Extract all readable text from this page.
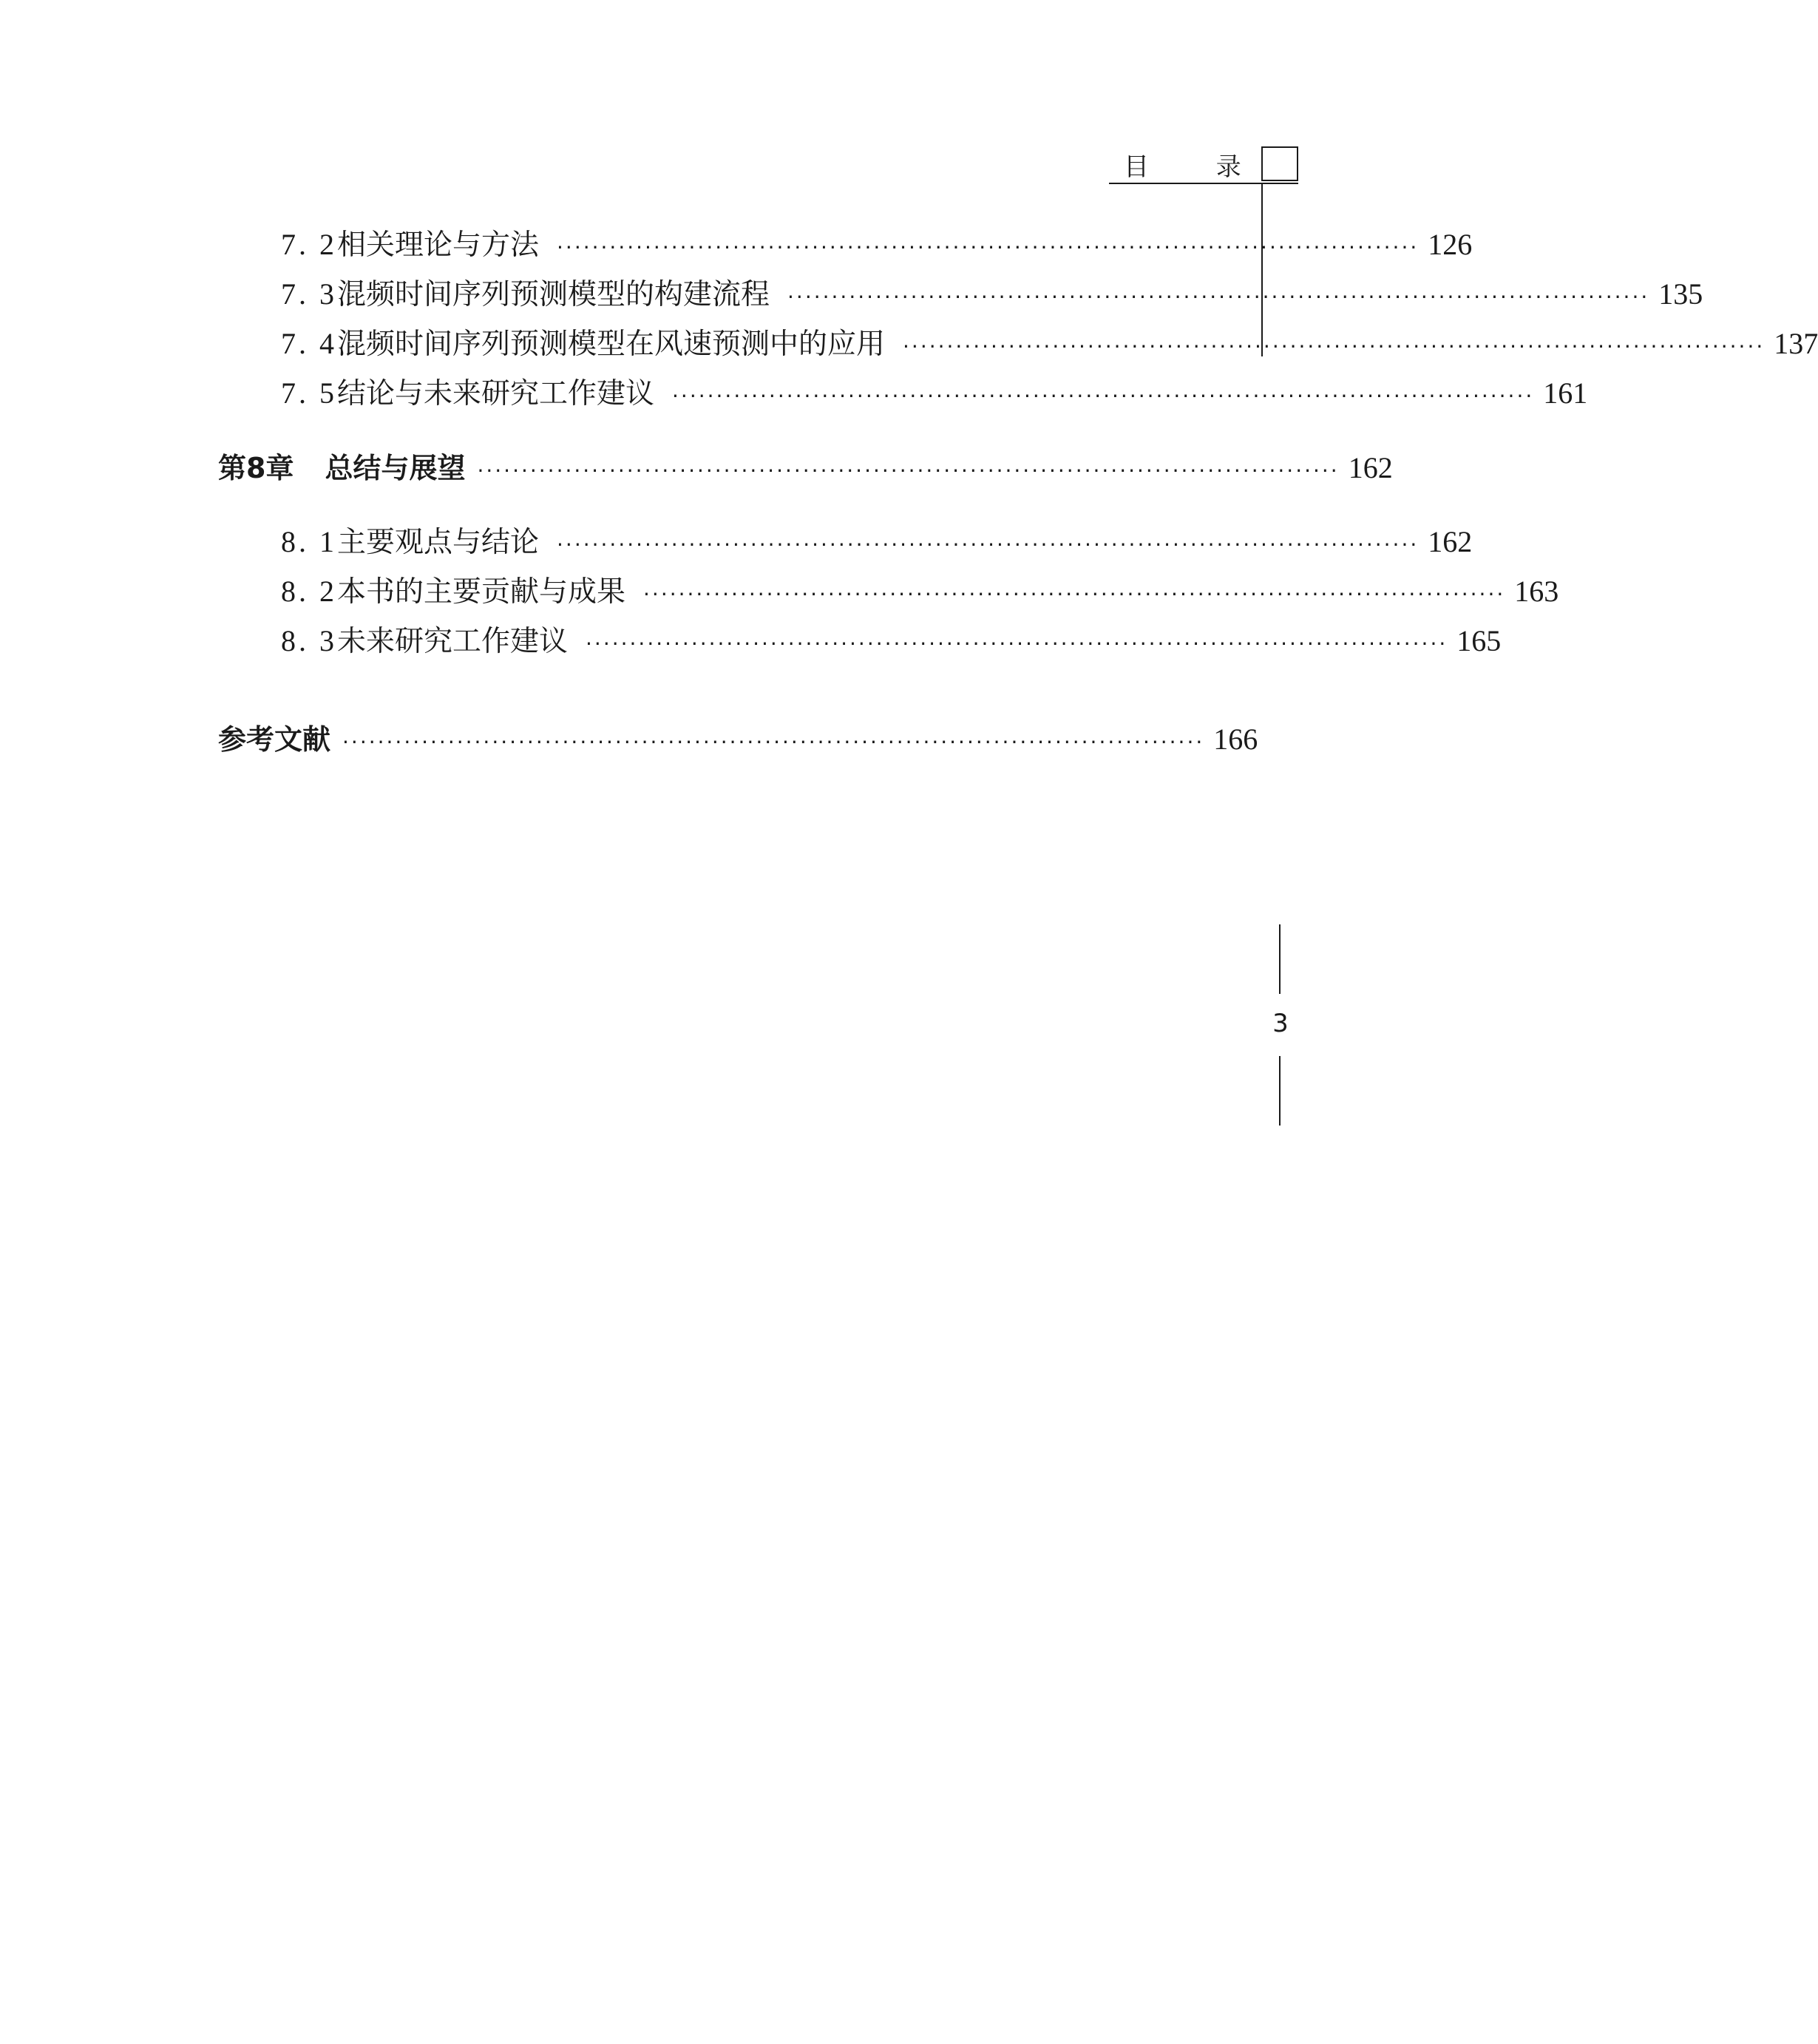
目 录
7. 2 相关理论与方法 ·································································································· 126
7. 3 混频时间序列预测模型的构建流程 ·································································································· 135
7. 4 混频时间序列预测模型在风速预测中的应用 ·································································································· 137
7. 5 结论与未来研究工作建议 ·································································································· 161
第8章 总结与展望 ·································································································· 162
8. 1 主要观点与结论 ·································································································· 162
8. 2 本书的主要贡献与成果 ·································································································· 163
8. 3 未来研究工作建议 ·································································································· 165
参考文献 ·································································································· 166
3
